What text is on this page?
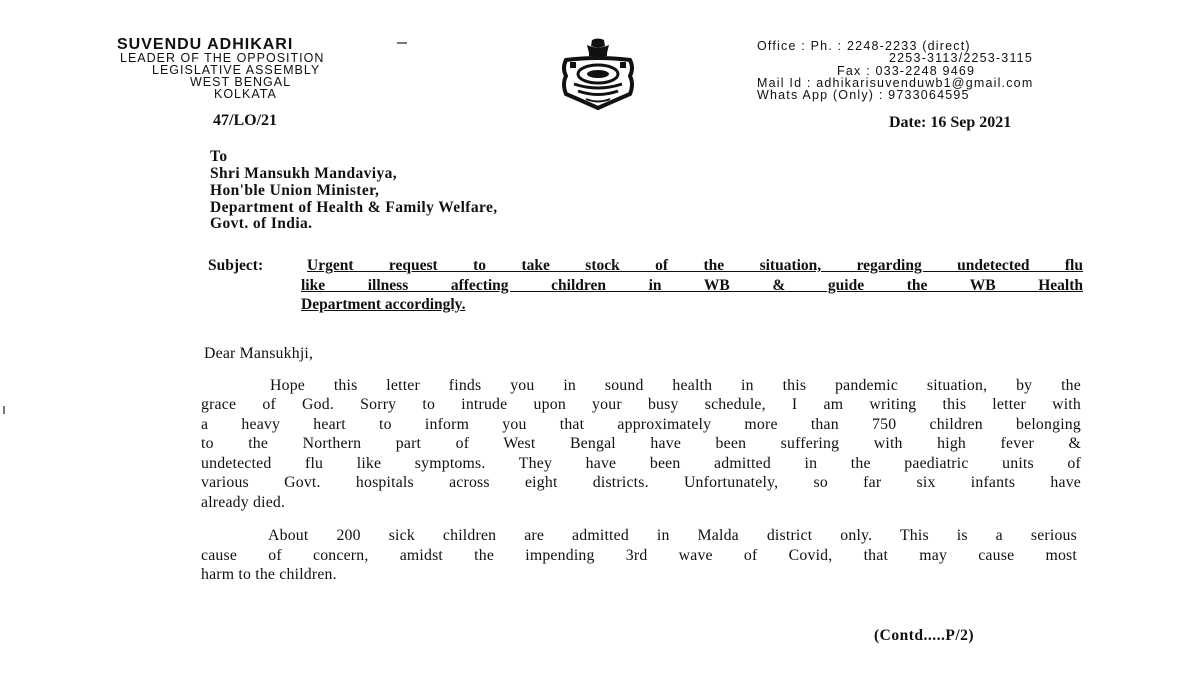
SUVENDU ADHIKARI
LEADER OF THE OPPOSITION
LEGISLATIVE ASSEMBLY
WEST BENGAL
KOLKATA
Office : Ph. : 2248-2233 (direct)
2253-3113/2253-3115
Fax : 033-2248 9469
Mail Id : adhikarisuvenduwb1@gmail.com
Whats App (Only) : 9733064595
47/LO/21	Date: 16 Sep 2021
To
Shri Mansukh Mandaviya,
Hon'ble Union Minister,
Department of Health & Family Welfare,
Govt. of India.
Subject:	Urgent request to take stock of the situation, regarding undetected flu
like illness affecting children in WB & guide the WB Health
Department accordingly.
Dear Mansukhji,
Hope this letter finds you in sound health in this pandemic situation, by the
grace of God. Sorry to intrude upon your busy schedule, I am writing this letter with
a heavy heart to inform you that approximately more than 750 children belonging
to the Northern part of West Bengal have been suffering with high fever &
undetected flu like symptoms. They have been admitted in the paediatric units of
various Govt. hospitals across eight districts. Unfortunately, so far six infants have
already died.
About 200 sick children are admitted in Malda district only. This is a serious
cause of concern, amidst the impending 3rd wave of Covid, that may cause most
harm to the children.
(Contd.....P/2)
